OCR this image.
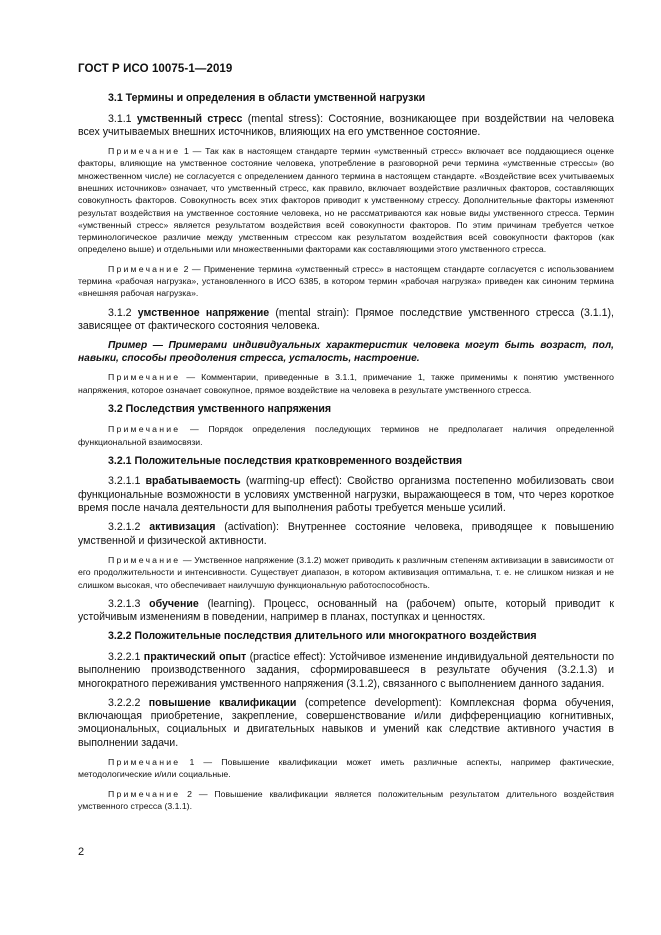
ГОСТ Р ИСО 10075-1—2019

3.1 Термины и определения в области умственной нагрузки

3.1.1 умственный стресс (mental stress): Состояние, возникающее при воздействии на человека всех учитываемых внешних источников, влияющих на его умственное состояние.

Примечание 1 — Так как в настоящем стандарте термин «умственный стресс» включает все поддающиеся оценке факторы, влияющие на умственное состояние человека, употребление в разговорной речи термина «умственные стрессы» (во множественном числе) не согласуется с определением данного термина в настоящем стандарте. «Воздействие всех учитываемых внешних источников» означает, что умственный стресс, как правило, включает воздействие различных факторов, составляющих совокупность факторов. Совокупность всех этих факторов приводит к умственному стрессу. Дополнительные факторы изменяют результат воздействия на умственное состояние человека, но не рассматриваются как новые виды умственного стресса. Термин «умственный стресс» является результатом воздействия всей совокупности факторов. По этим причинам требуется четкое терминологическое различие между умственным стрессом как результатом воздействия всей совокупности факторов (как определено выше) и отдельными или множественными факторами как составляющими этого умственного стресса.

Примечание 2 — Применение термина «умственный стресс» в настоящем стандарте согласуется с использованием термина «рабочая нагрузка», установленного в ИСО 6385, в котором термин «рабочая нагрузка» приведен как синоним термина «внешняя рабочая нагрузка».

3.1.2 умственное напряжение (mental strain): Прямое последствие умственного стресса (3.1.1), зависящее от фактического состояния человека.

Пример — Примерами индивидуальных характеристик человека могут быть возраст, пол, навыки, способы преодоления стресса, усталость, настроение.

Примечание — Комментарии, приведенные в 3.1.1, примечание 1, также применимы к понятию умственного напряжения, которое означает совокупное, прямое воздействие на человека в результате умственного стресса.

3.2 Последствия умственного напряжения

Примечание — Порядок определения последующих терминов не предполагает наличия определенной функциональной взаимосвязи.

3.2.1 Положительные последствия кратковременного воздействия

3.2.1.1 врабатываемость (warming-up effect): Свойство организма постепенно мобилизовать свои функциональные возможности в условиях умственной нагрузки, выражающееся в том, что через короткое время после начала деятельности для выполнения работы требуется меньше усилий.

3.2.1.2 активизация (activation): Внутреннее состояние человека, приводящее к повышению умственной и физической активности.

Примечание — Умственное напряжение (3.1.2) может приводить к различным степеням активизации в зависимости от его продолжительности и интенсивности. Существует диапазон, в котором активизация оптимальна, т. е. не слишком низкая и не слишком высокая, что обеспечивает наилучшую функциональную работоспособность.

3.2.1.3 обучение (learning). Процесс, основанный на (рабочем) опыте, который приводит к устойчивым изменениям в поведении, например в планах, поступках и ценностях.

3.2.2 Положительные последствия длительного или многократного воздействия

3.2.2.1 практический опыт (practice effect): Устойчивое изменение индивидуальной деятельности по выполнению производственного задания, сформировавшееся в результате обучения (3.2.1.3) и многократного переживания умственного напряжения (3.1.2), связанного с выполнением данного задания.

3.2.2.2 повышение квалификации (competence development): Комплексная форма обучения, включающая приобретение, закрепление, совершенствование и/или дифференциацию когнитивных, эмоциональных, социальных и двигательных навыков и умений как следствие активного участия в выполнении задачи.

Примечание 1 — Повышение квалификации может иметь различные аспекты, например фактические, методологические и/или социальные.

Примечание 2 — Повышение квалификации является положительным результатом длительного воздействия умственного стресса (3.1.1).

2
